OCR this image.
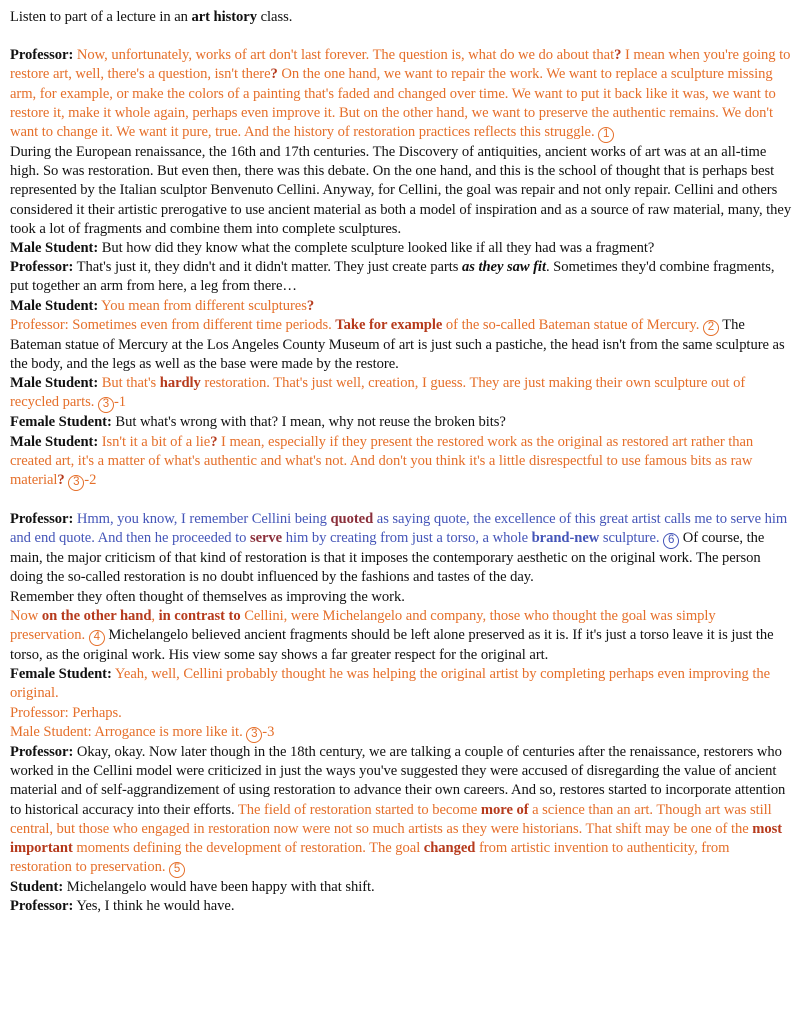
Listen to part of a lecture in an art history class.

Professor: Now, unfortunately, works of art don't last forever. The question is, what do we do about that? I mean when you're going to restore art, well, there's a question, isn't there? On the one hand, we want to repair the work. We want to replace a sculpture missing arm, for example, or make the colors of a painting that's faded and changed over time. We want to put it back like it was, we want to restore it, make it whole again, perhaps even improve it. But on the other hand, we want to preserve the authentic remains. We don't want to change it. We want it pure, true. And the history of restoration practices reflects this struggle. 1

During the European renaissance, the 16th and 17th centuries. The Discovery of antiquities, ancient works of art was at an all-time high. So was restoration. But even then, there was this debate. On the one hand, and this is the school of thought that is perhaps best represented by the Italian sculptor Benvenuto Cellini. Anyway, for Cellini, the goal was repair and not only repair. Cellini and others considered it their artistic prerogative to use ancient material as both a model of inspiration and as a source of raw material, many, they took a lot of fragments and combine them into complete sculptures.

Male Student: But how did they know what the complete sculpture looked like if all they had was a fragment?

Professor: That's just it, they didn't and it didn't matter. They just create parts as they saw fit. Sometimes they'd combine fragments, put together an arm from here, a leg from there…

Male Student: You mean from different sculptures?

Professor: Sometimes even from different time periods. Take for example of the so-called Bateman statue of Mercury. 2 The Bateman statue of Mercury at the Los Angeles County Museum of art is just such a pastiche, the head isn't from the same sculpture as the body, and the legs as well as the base were made by the restore.

Male Student: But that's hardly restoration. That's just well, creation, I guess. They are just making their own sculpture out of recycled parts. 3 -1

Female Student: But what's wrong with that? I mean, why not reuse the broken bits?

Male Student: Isn't it a bit of a lie? I mean, especially if they present the restored work as the original as restored art rather than created art, it's a matter of what's authentic and what's not. And don't you think it's a little disrespectful to use famous bits as raw material? 3 -2

Professor: Hmm, you know, I remember Cellini being quoted as saying quote, the excellence of this great artist calls me to serve him and end quote. And then he proceeded to serve him by creating from just a torso, a whole brand-new sculpture. 6 Of course, the main, the major criticism of that kind of restoration is that it imposes the contemporary aesthetic on the original work. The person doing the so-called restoration is no doubt influenced by the fashions and tastes of the day.

Remember they often thought of themselves as improving the work.

Now on the other hand, in contrast to Cellini, were Michelangelo and company, those who thought the goal was simply preservation. 4 Michelangelo believed ancient fragments should be left alone preserved as it is. If it's just a torso leave it is just the torso, as the original work. His view some say shows a far greater respect for the original art.

Female Student: Yeah, well, Cellini probably thought he was helping the original artist by completing perhaps even improving the original.

Professor: Perhaps.

Male Student: Arrogance is more like it. 3 -3

Professor: Okay, okay. Now later though in the 18th century, we are talking a couple of centuries after the renaissance, restorers who worked in the Cellini model were criticized in just the ways you've suggested they were accused of disregarding the value of ancient material and of self-aggrandizement of using restoration to advance their own careers. And so, restores started to incorporate attention to historical accuracy into their efforts. The field of restoration started to become more of a science than an art. Though art was still central, but those who engaged in restoration now were not so much artists as they were historians. That shift may be one of the most important moments defining the development of restoration. The goal changed from artistic invention to authenticity, from restoration to preservation. 5

Student: Michelangelo would have been happy with that shift.

Professor: Yes, I think he would have.
